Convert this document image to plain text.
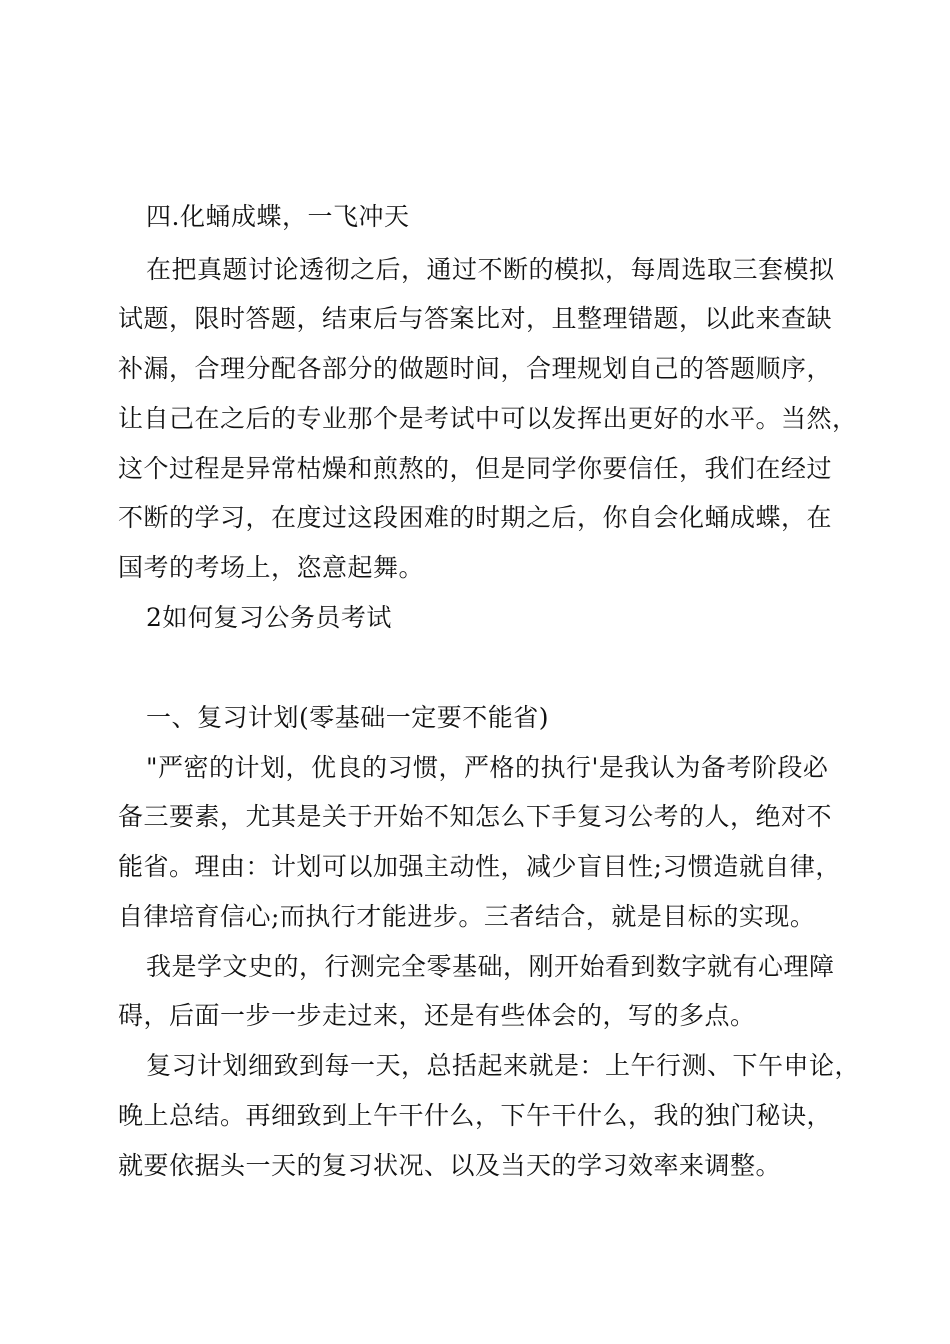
四.化蛹成蝶，一飞冲天
在把真题讨论透彻之后，通过不断的模拟，每周选取三套模拟
试题，限时答题，结束后与答案比对，且整理错题，以此来查缺
补漏，合理分配各部分的做题时间，合理规划自己的答题顺序，
让自己在之后的专业那个是考试中可以发挥出更好的水平。当然，
这个过程是异常枯燥和煎熬的，但是同学你要信任，我们在经过
不断的学习，在度过这段困难的时期之后，你自会化蛹成蝶，在
国考的考场上，恣意起舞。
2如何复习公务员考试
一、复习计划(零基础一定要不能省)
"严密的计划，优良的习惯，严格的执行'是我认为备考阶段必
备三要素，尤其是关于开始不知怎么下手复习公考的人，绝对不
能省。理由：计划可以加强主动性，减少盲目性;习惯造就自律，
自律培育信心;而执行才能进步。三者结合，就是目标的实现。
我是学文史的，行测完全零基础，刚开始看到数字就有心理障
碍，后面一步一步走过来，还是有些体会的，写的多点。
复习计划细致到每一天，总括起来就是：上午行测、下午申论，
晚上总结。再细致到上午干什么，下午干什么，我的独门秘诀，
就要依据头一天的复习状况、以及当天的学习效率来调整。
